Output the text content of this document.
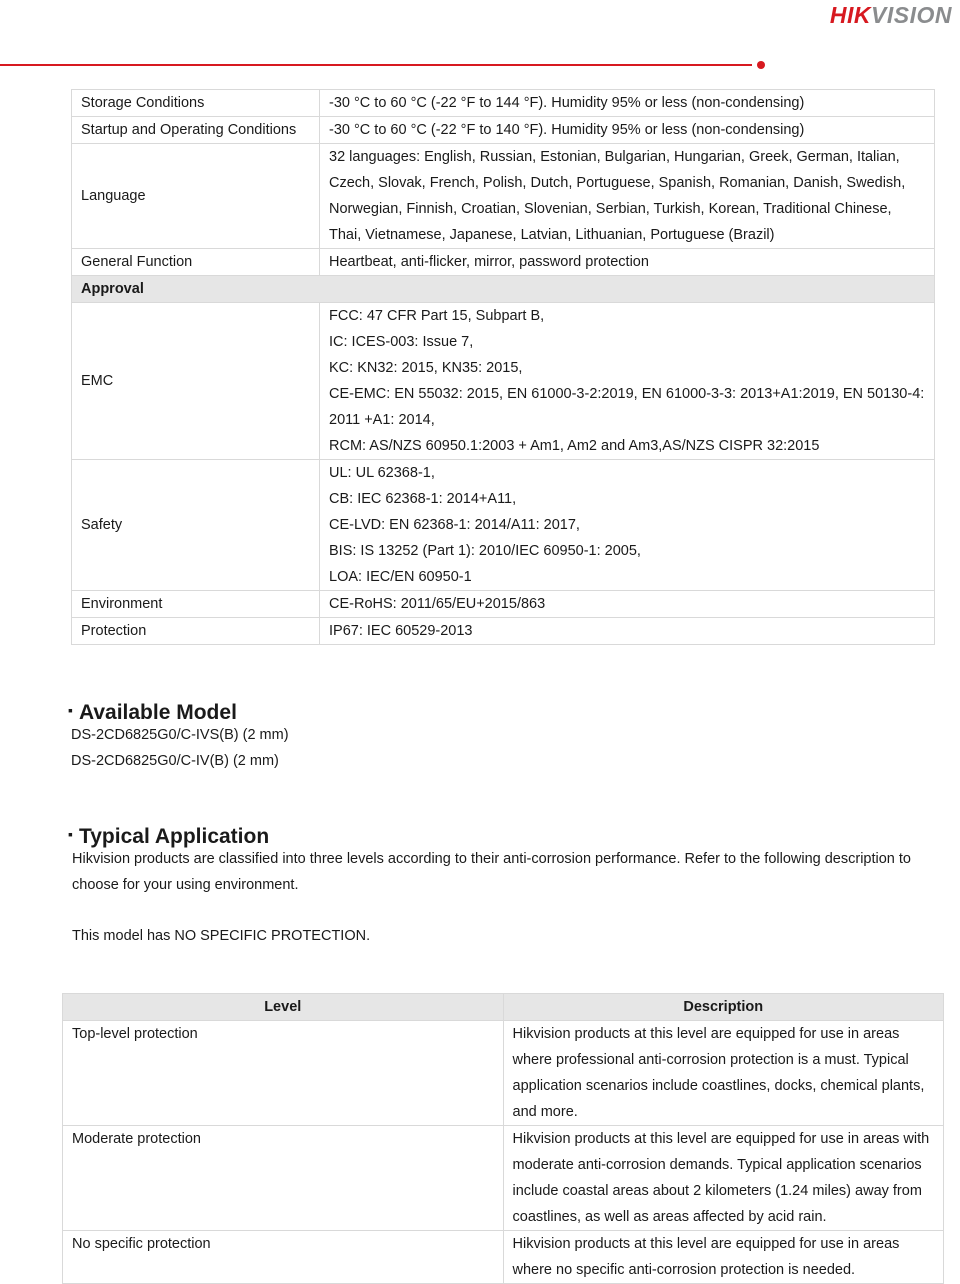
HIKVISION
Storage Conditions	-30 °C to 60 °C (-22 °F to 144 °F). Humidity 95% or less (non-condensing)
Startup and Operating Conditions	-30 °C to 60 °C (-22 °F to 140 °F). Humidity 95% or less (non-condensing)
Language	32 languages: English, Russian, Estonian, Bulgarian, Hungarian, Greek, German, Italian, Czech, Slovak, French, Polish, Dutch, Portuguese, Spanish, Romanian, Danish, Swedish, Norwegian, Finnish, Croatian, Slovenian, Serbian, Turkish, Korean, Traditional Chinese, Thai, Vietnamese, Japanese, Latvian, Lithuanian, Portuguese (Brazil)
General Function	Heartbeat, anti-flicker, mirror, password protection
Approval	
EMC	FCC: 47 CFR Part 15, Subpart B,
IC: ICES-003: Issue 7,
KC: KN32: 2015, KN35: 2015,
CE-EMC: EN 55032: 2015, EN 61000-3-2:2019, EN 61000-3-3: 2013+A1:2019, EN 50130-4: 2011 +A1: 2014,
RCM: AS/NZS 60950.1:2003 + Am1, Am2 and Am3,AS/NZS CISPR 32:2015

Safety	UL: UL 62368-1,
CB: IEC 62368-1: 2014+A11,
CE-LVD: EN 62368-1: 2014/A11: 2017,
BIS: IS 13252 (Part 1): 2010/IEC 60950-1: 2005,
LOA: IEC/EN 60950-1

Environment	CE-RoHS: 2011/65/EU+2015/863
Protection	IP67: IEC 60529-2013
▪ Available Model
DS-2CD6825G0/C-IVS(B) (2 mm)
DS-2CD6825G0/C-IV(B) (2 mm)
▪ Typical Application

Hikvision products are classified into three levels according to their anti-corrosion performance. Refer to the following description to choose for your using environment.

This model has NO SPECIFIC PROTECTION.

Level	Description
Top-level protection	Hikvision products at this level are equipped for use in areas where professional anti-corrosion protection is a must. Typical application scenarios include coastlines, docks, chemical plants, and more.
Moderate protection	Hikvision products at this level are equipped for use in areas with moderate anti-corrosion demands. Typical application scenarios include coastal areas about 2 kilometers (1.24 miles) away from coastlines, as well as areas affected by acid rain.
No specific protection	Hikvision products at this level are equipped for use in areas where no specific anti-corrosion protection is needed.
